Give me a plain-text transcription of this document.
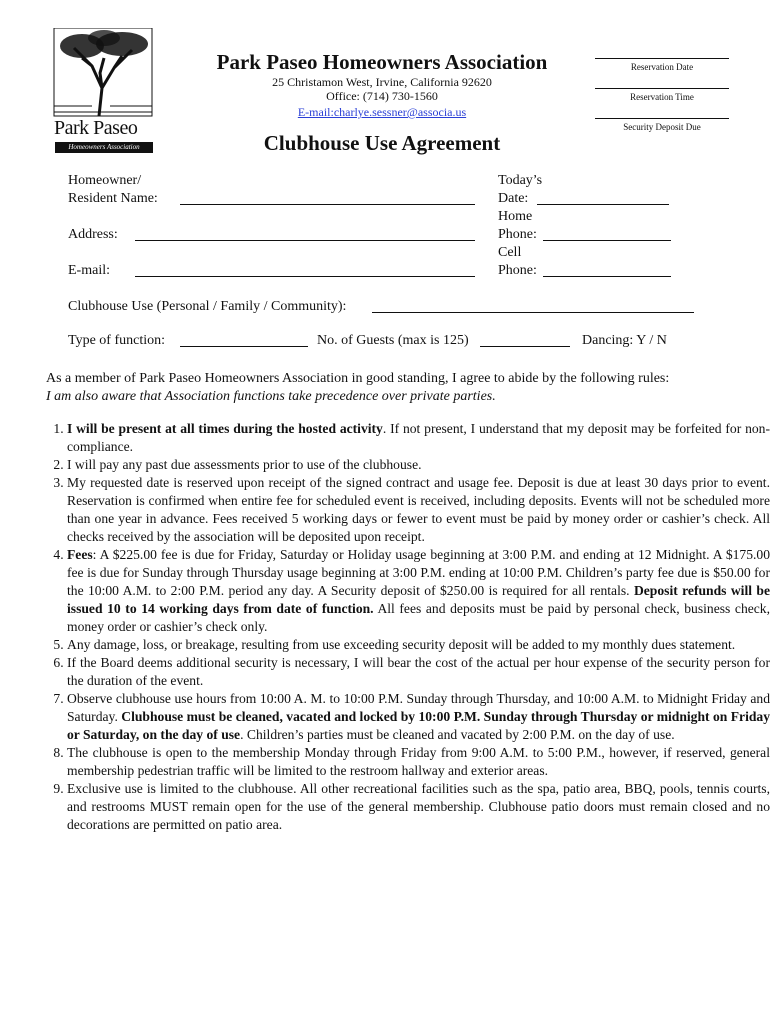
Park Paseo
Homeowners Association
Park Paseo Homeowners Association
25 Christamon West, Irvine, California 92620
Office: (714) 730-1560
E-mail:charlye.sessner@associa.us
Clubhouse Use Agreement
Reservation Date
Reservation Time
Security Deposit Due
Homeowner/
Resident Name:
Address:
E-mail:
Today’s
Date:
Home
Phone:
Cell
Phone:
Clubhouse Use (Personal / Family / Community):
Type of function:	No. of Guests (max is 125)	Dancing: Y / N
As a member of Park Paseo Homeowners Association in good standing, I agree to abide by the following rules:
I am also aware that Association functions take precedence over private parties.
1. I will be present at all times during the hosted activity. If not present, I understand that my deposit may be forfeited for non-compliance.
2. I will pay any past due assessments prior to use of the clubhouse.
3. My requested date is reserved upon receipt of the signed contract and usage fee. Deposit is due at least 30 days prior to event. Reservation is confirmed when entire fee for scheduled event is received, including deposits. Events will not be scheduled more than one year in advance. Fees received 5 working days or fewer to event must be paid by money order or cashier’s check. All checks received by the association will be deposited upon receipt.
4. Fees: A $225.00 fee is due for Friday, Saturday or Holiday usage beginning at 3:00 P.M. and ending at 12 Midnight. A $175.00 fee is due for Sunday through Thursday usage beginning at 3:00 P.M. ending at 10:00 P.M. Children’s party fee due is $50.00 for the 10:00 A.M. to 2:00 P.M. period any day. A Security deposit of $250.00 is required for all rentals. Deposit refunds will be issued 10 to 14 working days from date of function. All fees and deposits must be paid by personal check, business check, money order or cashier’s check only.
5. Any damage, loss, or breakage, resulting from use exceeding security deposit will be added to my monthly dues statement.
6. If the Board deems additional security is necessary, I will bear the cost of the actual per hour expense of the security person for the duration of the event.
7. Observe clubhouse use hours from 10:00 A. M. to 10:00 P.M. Sunday through Thursday, and 10:00 A.M. to Midnight Friday and Saturday. Clubhouse must be cleaned, vacated and locked by 10:00 P.M. Sunday through Thursday or midnight on Friday or Saturday, on the day of use. Children’s parties must be cleaned and vacated by 2:00 P.M. on the day of use.
8. The clubhouse is open to the membership Monday through Friday from 9:00 A.M. to 5:00 P.M., however, if reserved, general membership pedestrian traffic will be limited to the restroom hallway and exterior areas.
9. Exclusive use is limited to the clubhouse. All other recreational facilities such as the spa, patio area, BBQ, pools, tennis courts, and restrooms MUST remain open for the use of the general membership. Clubhouse patio doors must remain closed and no decorations are permitted on patio area.
